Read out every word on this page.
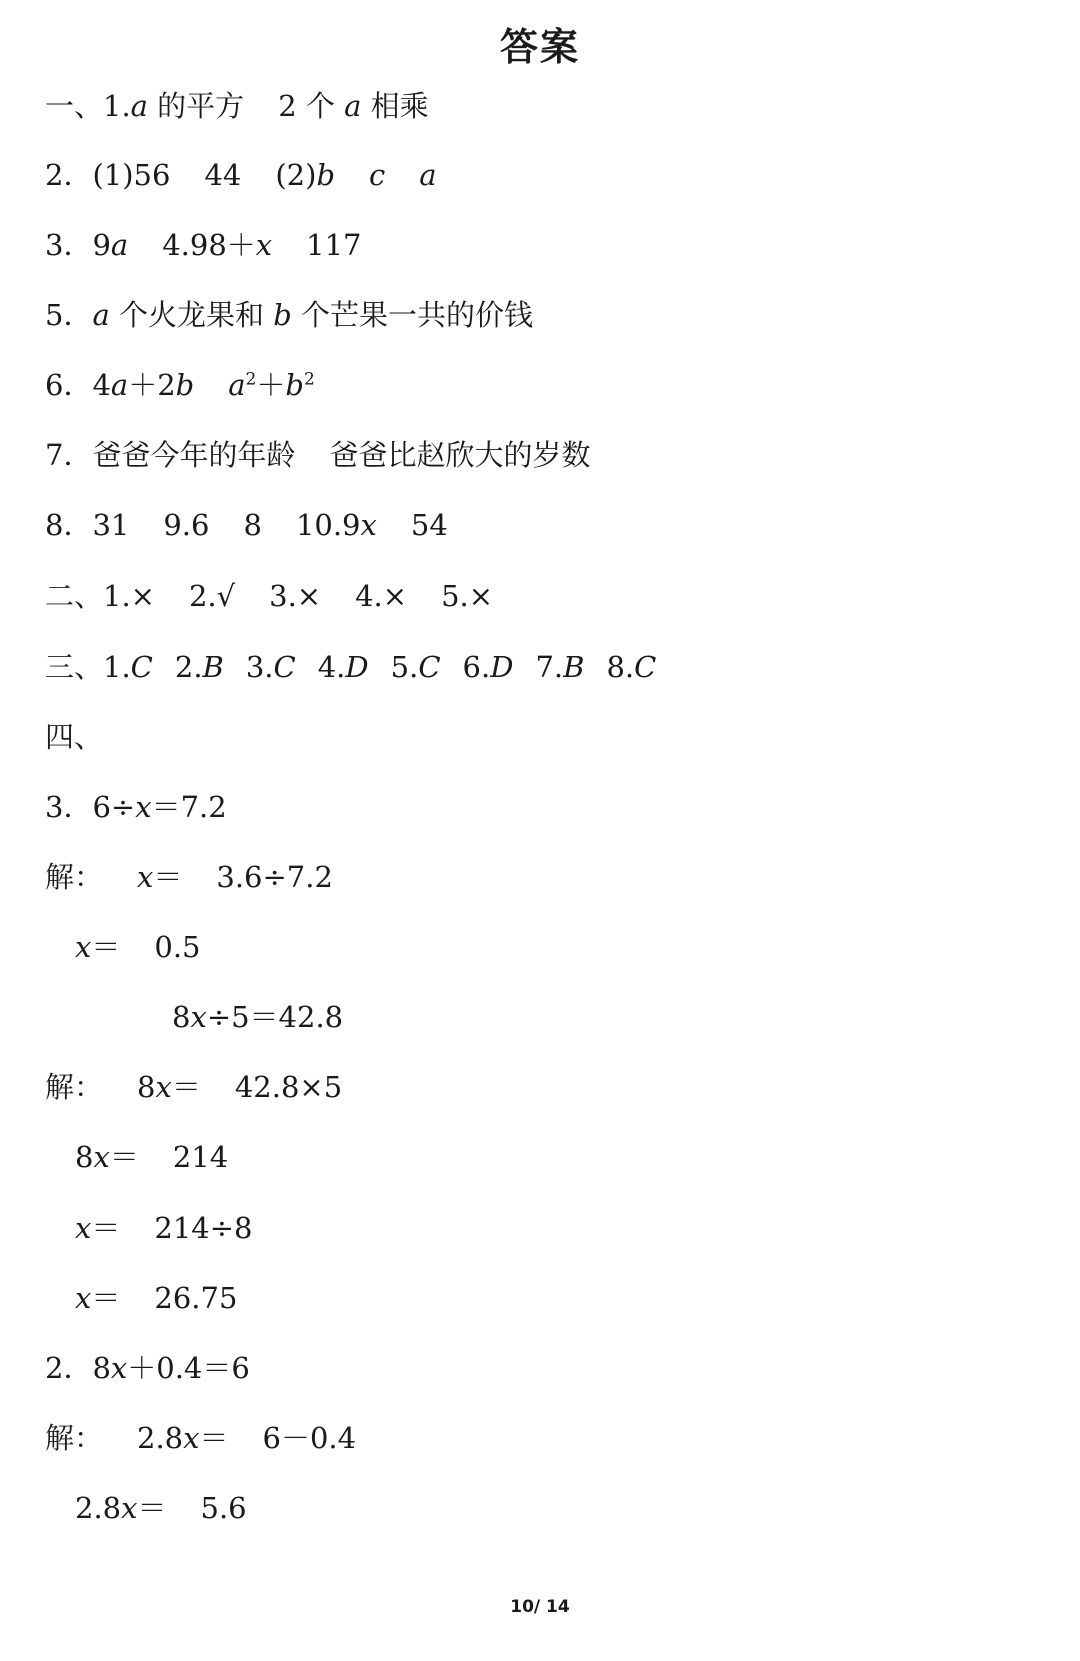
答案
一、1.a 的平方 2 个 a 相乘
2．(1)56 44 (2)b c a
3．9a 4.98＋x 117
5．a 个火龙果和 b 个芒果一共的价钱
6．4a＋2b $a^2+b^2$
7．爸爸今年的年龄 爸爸比赵欣大的岁数
8．31 9.6 8 10.9x 54
二、1.× 2.√ 3.× 4.× 5.×
三、1.C 2.B 3.C 4.D 5.C 6.D 7.B 8.C
四、
3．6÷x＝7.2
解： x＝ 3.6÷7.2
x＝ 0.5
8x÷5＝42.8
解： 8x＝ 42.8×5
8x＝ 214
x＝ 214÷8
x＝ 26.75
2．8x＋0.4＝6
解： 2.8x＝ 6－0.4
2.8x＝ 5.6
10/ 14
